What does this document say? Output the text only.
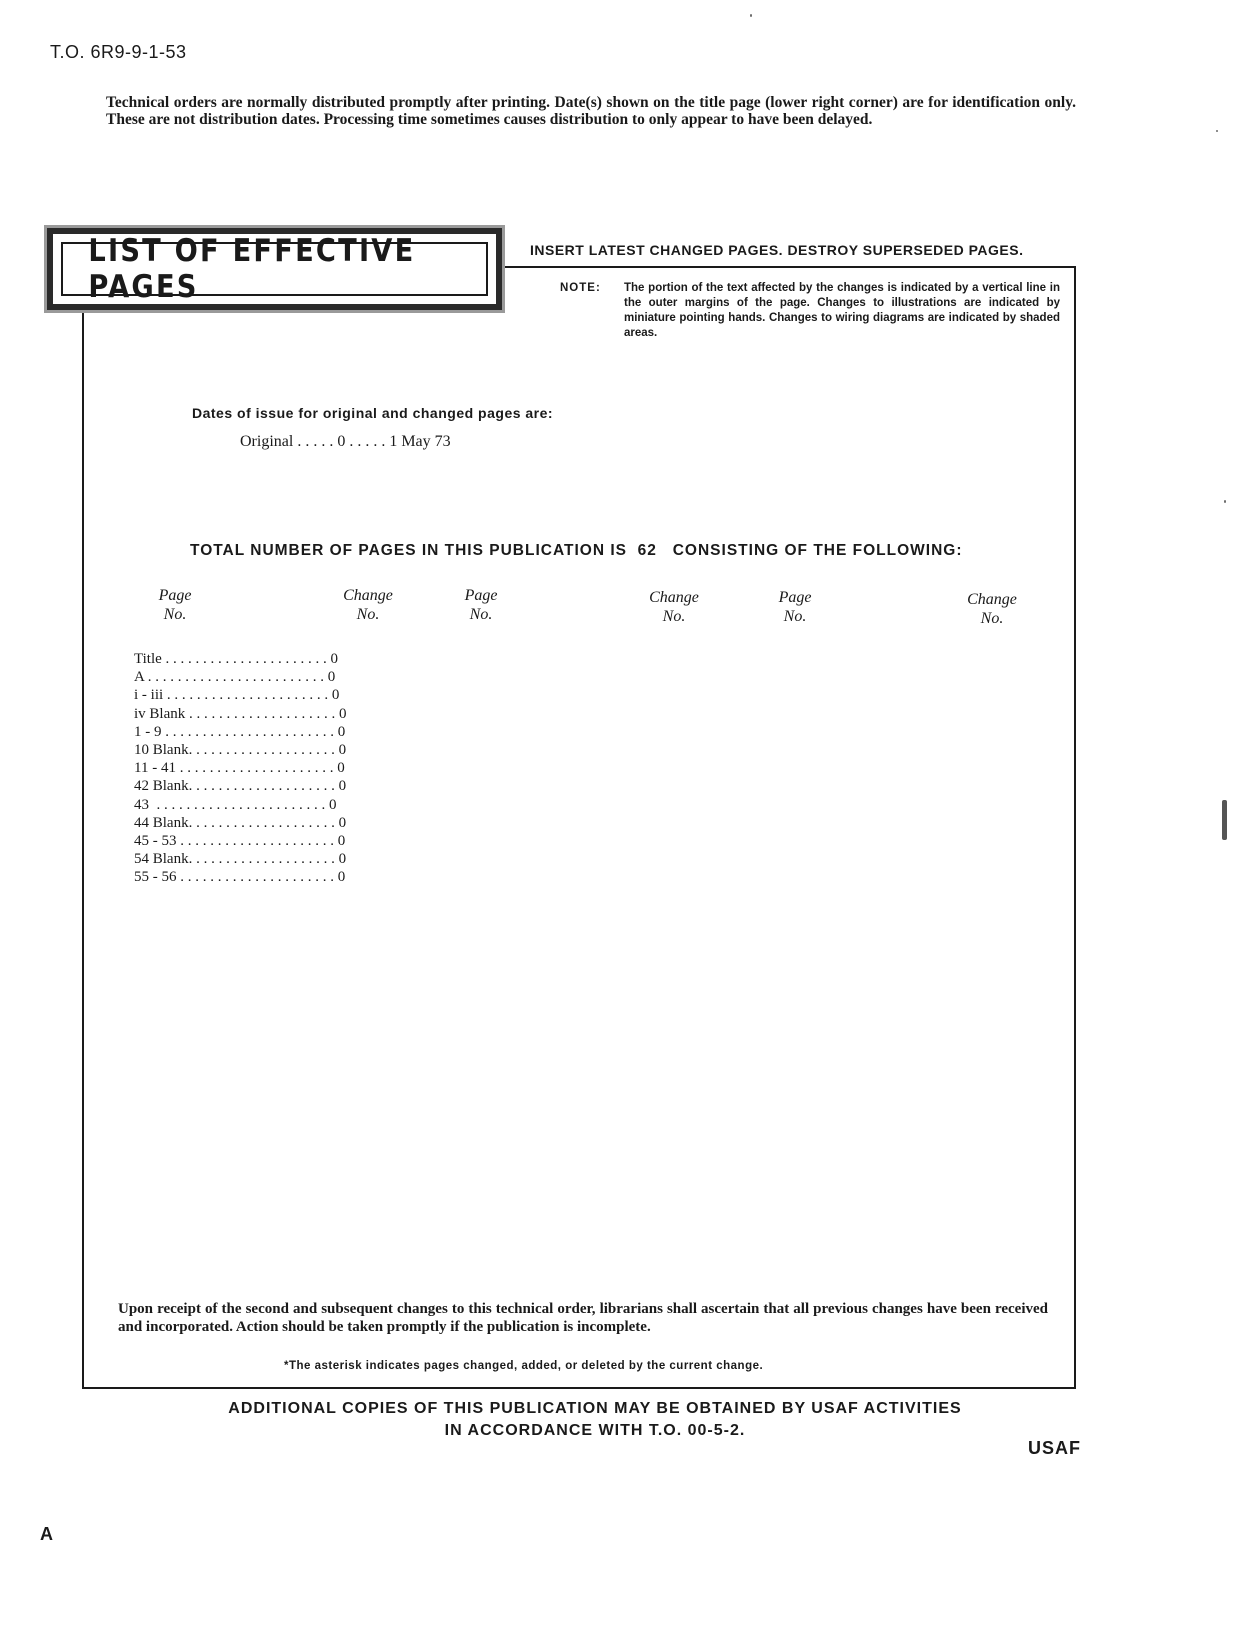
T.O. 6R9-9-1-53
Technical orders are normally distributed promptly after printing. Date(s) shown on the title page (lower right corner) are for identification only. These are not distribution dates. Processing time sometimes causes distribution to only appear to have been delayed.
LIST OF EFFECTIVE PAGES
INSERT LATEST CHANGED PAGES. DESTROY SUPERSEDED PAGES.
NOTE: The portion of the text affected by the changes is indicated by a vertical line in the outer margins of the page. Changes to illustrations are indicated by miniature pointing hands. Changes to wiring diagrams are indicated by shaded areas.
Dates of issue for original and changed pages are:
Original . . . . . 0 . . . . . 1 May 73
TOTAL NUMBER OF PAGES IN THIS PUBLICATION IS  62   CONSISTING OF THE FOLLOWING:
Page
No.
Change
No.
Page
No.
Change
No.
Page
No.
Change
No.
Title . . . . . . . . . . . . . . . . . . . . . . 0
A . . . . . . . . . . . . . . . . . . . . . . . . 0
i - iii . . . . . . . . . . . . . . . . . . . . . . 0
iv Blank . . . . . . . . . . . . . . . . . . . . 0
1 - 9 . . . . . . . . . . . . . . . . . . . . . . . 0
10 Blank. . . . . . . . . . . . . . . . . . . . 0
11 - 41 . . . . . . . . . . . . . . . . . . . . . 0
42 Blank. . . . . . . . . . . . . . . . . . . . 0
43  . . . . . . . . . . . . . . . . . . . . . . . 0
44 Blank. . . . . . . . . . . . . . . . . . . . 0
45 - 53 . . . . . . . . . . . . . . . . . . . . . 0
54 Blank. . . . . . . . . . . . . . . . . . . . 0
55 - 56 . . . . . . . . . . . . . . . . . . . . . 0
Upon receipt of the second and subsequent changes to this technical order, librarians shall ascertain that all previous changes have been received and incorporated. Action should be taken promptly if the publication is incomplete.
*The asterisk indicates pages changed, added, or deleted by the current change.
ADDITIONAL COPIES OF THIS PUBLICATION MAY BE OBTAINED BY USAF ACTIVITIES
IN ACCORDANCE WITH T.O. 00-5-2.
USAF
A
